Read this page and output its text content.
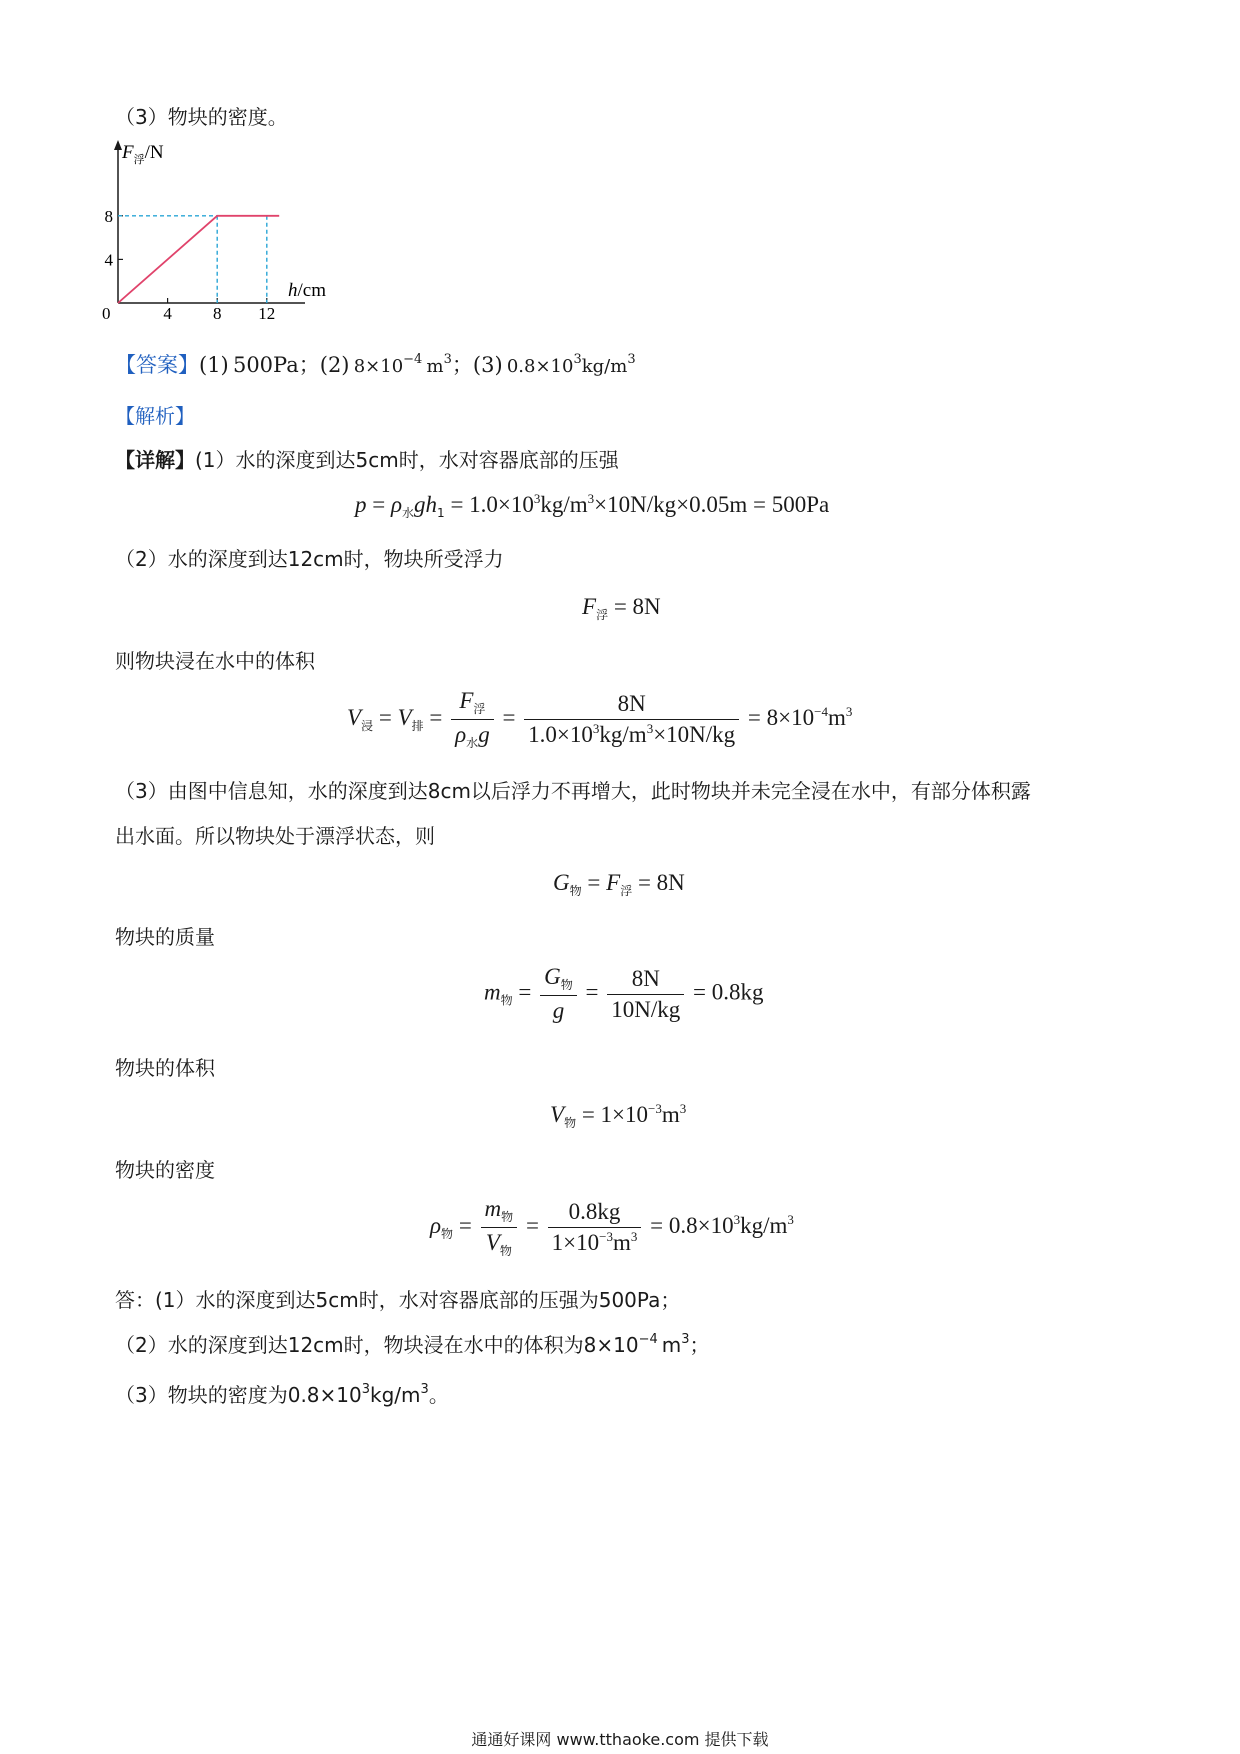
（3）物块的密度。
4
8
4 8 12
$F_浮/N$
h/cm
0
【答案】(1)  500Pa；(2)  $8\times 10^{-4}$  $m^3$；(3)  $0.8\times 10^3kg/m^3$
【解析】
【详解】(1）水的深度到达5cm时，水对容器底部的压强
$p = \rho_水gh_1 = 1.0\times 10^3kg/m^3\times 10N/kg\times 0.05m = 500Pa$
（2）水的深度到达12cm时，物块所受浮力
$F_浮 = 8N$
则物块浸在水中的体积
$V_浸 = V_排 = \frac{F_浮}{\rho_水g} = \frac{8N}{1.0\times 10^3kg/m^3\times 10N/kg} = 8\times 10^{-4}m^3$
（3）由图中信息知，水的深度到达8cm以后浮力不再增大，此时物块并未完全浸在水中，有部分体积露
出水面。所以物块处于漂浮状态，则
$G_物 = F_浮 = 8N$
物块的质量
$m_物 = \frac{G_物}{g} = \frac{8N}{10N/kg} = 0.8kg$
物块的体积
$V_物 = 1\times 10^{-3}m^3$
物块的密度
$\rho_物 = \frac{m_物}{V_物} = \frac{0.8kg}{1\times 10^{-3}m^3} = 0.8\times 10^3kg/m^3$
答：(1）水的深度到达5cm时，水对容器底部的压强为500Pa；
（2）水的深度到达12cm时，物块浸在水中的体积为$8\times 10^{-4}$  $m^3$；
（3）物块的密度为$0.8\times 10^3kg/m^3$。
通通好课网 www.tthaoke.com 提供下载
